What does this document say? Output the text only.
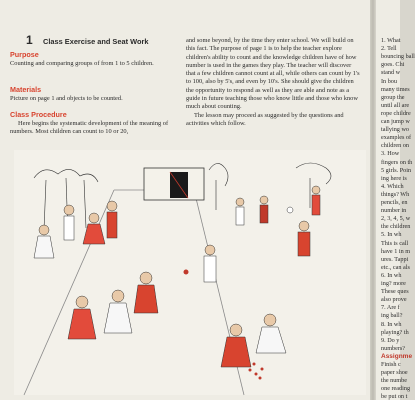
1 Class Exercise and Seat Work
Purpose
Counting and comparing groups of from 1 to 5 children.
Materials
Picture on page 1 and objects to be counted.
Class Procedure
Here begins the systematic development of the meaning of numbers. Most children can count to 10 or 20,

and some beyond, by the time they enter school. We will build on this fact. The purpose of page 1 is to help the teacher explore children's ability to count and the knowledge children have of how number is used in the games they play. The teacher will discover that a few children cannot count at all, while others can count by 1's to 100, also by 5's, and even by 10's. She should give the children the opportunity to respond as well as they are able and note as a guide in future teaching those who know little and those who know much about counting.

The lesson may proceed as suggested by the questions and activities which follow.

1. What
2. Tell
bouncing ball
goes. Chi
stand w
In bou
many times
group the
until all are
rope childre
can jump w
tallying wo
examples of
children on
3. How
fingers on th
5 girls. Poin
ing here is
4. Which
things? Wh
pencils, en
number in
2, 3, 4, 5, w
the children
5. In wh
This is call
have 1 in m
ures. Tappi
etc., can als
6. In wh
ing? more
These ques
also prove
7. Are f
ing ball?
8. In wh
playing? th
9. Do y
numbers?
Assignme
Finish c
paper shoe
the numbe
one reading
be put on t
